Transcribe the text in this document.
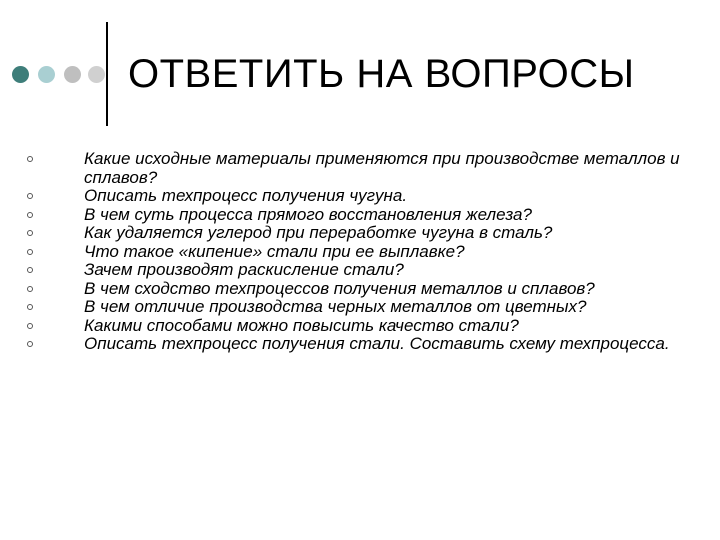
ОТВЕТИТЬ НА ВОПРОСЫ
Какие исходные материалы применяются при производстве металлов и сплавов?
Описать техпроцесс получения чугуна.
В чем суть процесса прямого восстановления железа?
Как удаляется углерод при переработке чугуна в сталь?
Что такое «кипение» стали при ее выплавке?
Зачем производят раскисление стали?
В чем сходство техпроцессов получения металлов и сплавов?
В чем отличие производства черных металлов от цветных?
Какими способами можно повысить качество стали?
Описать техпроцесс получения стали. Составить схему техпроцесса.
